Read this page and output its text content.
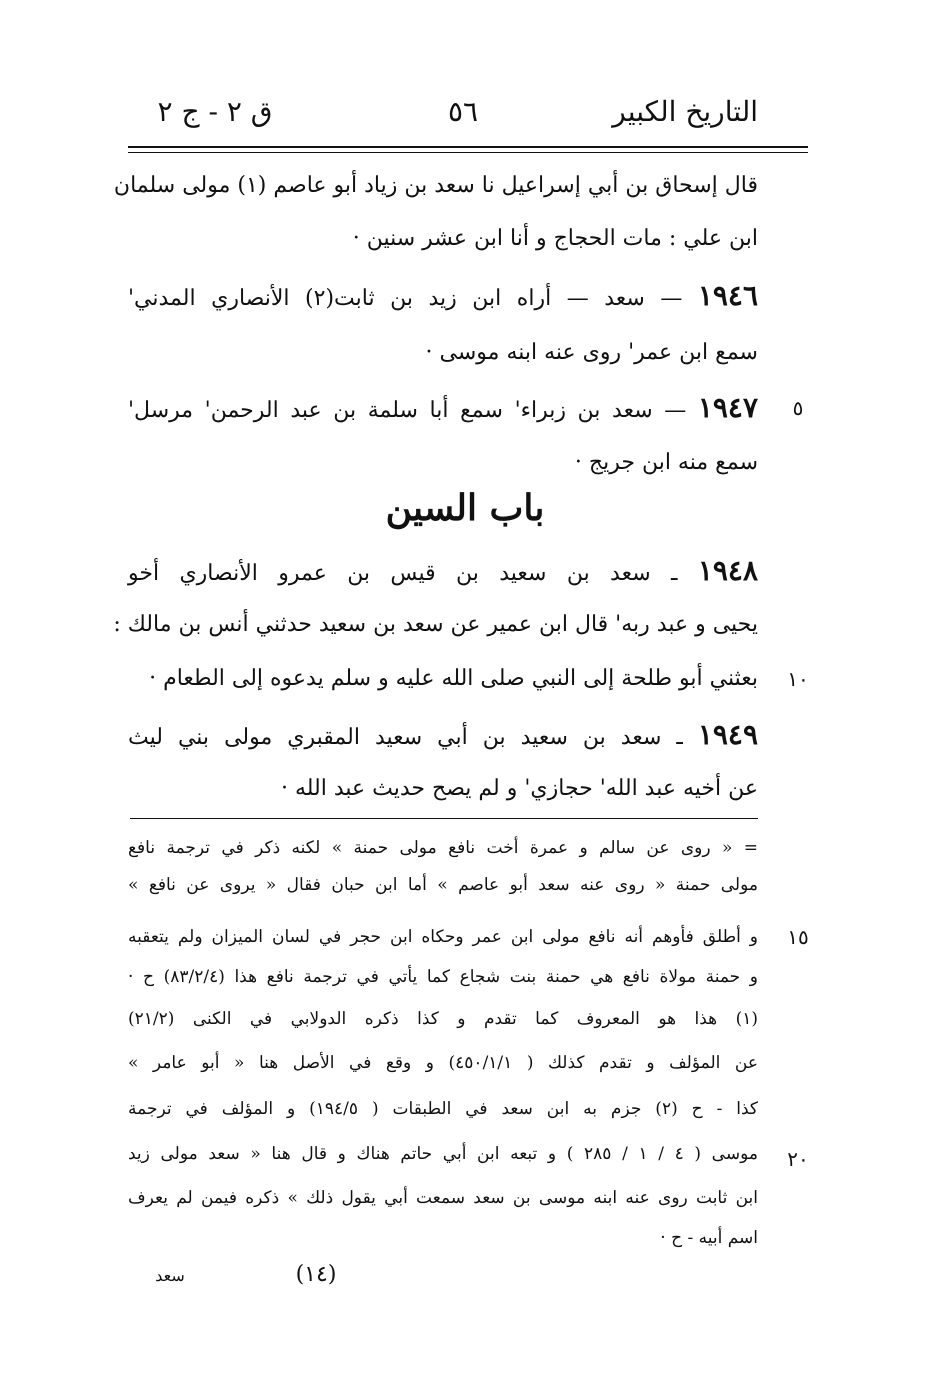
التاريخ الكبير
٥٦
ق ٢ - ج ٢
قال إسحاق بن أبي إسراعيل نا سعد بن زياد أبو عاصم (١) مولى سلمان
ابن علي : مات الحجاج و أنا ابن عشر سنين ·
١٩٤٦ — سعد — أراه ابن زيد بن ثابت(٢) الأنصاري المدني'
سمع ابن عمر' روى عنه ابنه موسى ·
١٩٤٧ — سعد بن زبراء' سمع أبا سلمة بن عبد الرحمن' مرسل'
سمع منه ابن جريج ·
باب السين
١٩٤٨ ـ سعد بن سعيد بن قيس بن عمرو الأنصاري أخو
يحيى و عبد ربه' قال ابن عمير عن سعد بن سعيد حدثني أنس بن مالك :
بعثني أبو طلحة إلى النبي صلى الله عليه و سلم يدعوه إلى الطعام ·
١٩٤٩ ـ سعد بن سعيد بن أبي سعيد المقبري مولى بني ليث
عن أخيه عبد الله' حجازي' و لم يصح حديث عبد الله ·
٥
١٠
١٥
٢٠
= « روى عن سالم و عمرة أخت نافع مولى حمنة » لكنه ذكر في ترجمة نافع
مولى حمنة « روى عنه سعد أبو عاصم » أما ابن حبان فقال « يروى عن نافع »
و أطلق فأوهم أنه نافع مولى ابن عمر وحكاه ابن حجر في لسان الميزان ولم يتعقبه
و حمنة مولاة نافع هي حمنة بنت شجاع كما يأتي في ترجمة نافع هذا (٨٣/٢/٤) ح ·
(١) هذا هو المعروف كما تقدم و كذا ذكره الدولابي في الكنى (٢١/٢)
عن المؤلف و تقدم كذلك ( ٤٥٠/١/١) و وقع في الأصل هنا « أبو عامر »
كذا - ح (٢) جزم به ابن سعد في الطبقات ( ١٩٤/٥) و المؤلف في ترجمة
موسى ( ٤ / ١ / ٢٨٥ ) و تبعه ابن أبي حاتم هناك و قال هنا « سعد مولى زيد
ابن ثابت روى عنه ابنه موسى بن سعد سمعت أبي يقول ذلك » ذكره فيمن لم يعرف
اسم أبيه - ح ·
سعد	(١٤)
